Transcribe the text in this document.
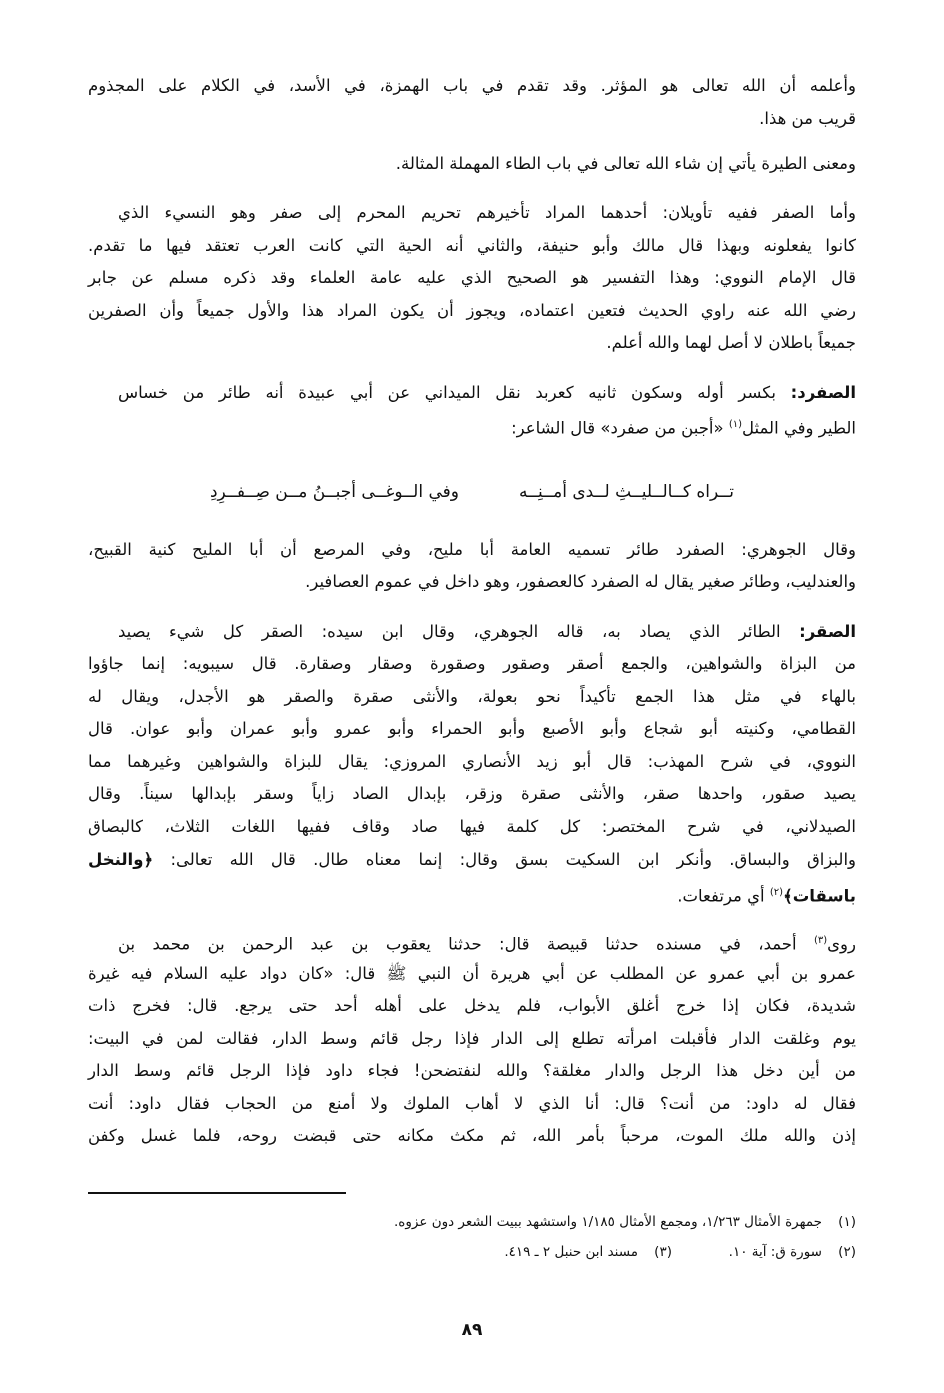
وأعلمه أن الله تعالى هو المؤثر. وقد تقدم في باب الهمزة، في الأسد، في الكلام على المجذوم
قريب من هذا.
ومعنى الطيرة يأتي إن شاء الله تعالى في باب الطاء المهملة المثالة.
وأما الصفر ففيه تأويلان: أحدهما المراد تأخيرهم تحريم المحرم إلى صفر وهو النسيء الذي
كانوا يفعلونه وبهذا قال مالك وأبو حنيفة، والثاني أنه الحية التي كانت العرب تعتقد فيها ما تقدم.
قال الإمام النووي: وهذا التفسير هو الصحيح الذي عليه عامة العلماء وقد ذكره مسلم عن جابر
رضي الله عنه راوي الحديث فتعين اعتماده، ويجوز أن يكون المراد هذا والأول جميعاً وأن الصفرين
جميعاً باطلان لا أصل لهما والله أعلم.
الصفرد: بكسر أوله وسكون ثانيه كعربد نقل الميداني عن أبي عبيدة أنه طائر من خساس
الطير وفي المثل$^{(١)}$ «أجبن من صفرد» قال الشاعر:
تــراه كــالــليــثِ لــدى أمــنِــه
وفي الــوغــى أجبــنُ مــن صِــفــرِدِ
وقال الجوهري: الصفرد طائر تسميه العامة أبا مليح، وفي المرصع أن أبا المليح كنية القبيح،
والعندليب، وطائر صغير يقال له الصفرد كالعصفور، وهو داخل في عموم العصافير.
الصقر: الطائر الذي يصاد به، قاله الجوهري، وقال ابن سيده: الصقر كل شيء يصيد
من البزاة والشواهين، والجمع أصقر وصقور وصقورة وصقار وصقارة. قال سيبويه: إنما جاؤوا
بالهاء في مثل هذا الجمع تأكيداً نحو بعولة، والأنثى صقرة والصقر هو الأجدل، ويقال له
القطامي، وكنيته أبو شجاع وأبو الأصبع وأبو الحمراء وأبو عمرو وأبو عمران وأبو عوان. قال
النووي، في شرح المهذب: قال أبو زيد الأنصاري المروزي: يقال للبزاة والشواهين وغيرهما مما
يصيد صقور، واحدها صقر، والأنثى صقرة وزقر، بإبدال الصاد زاياً وسقر بإبدالها سيناً. وقال
الصيدلاني، في شرح المختصر: كل كلمة فيها صاد وقاف ففيها اللغات الثلاث، كالبصاق
والبزاق والبساق. وأنكر ابن السكيت بسق وقال: إنما معناه طال. قال الله تعالى: ﴿والنخل
باسقات﴾$^{(٢)}$ أي مرتفعات.
روى$^{(٣)}$ أحمد، في مسنده حدثنا قبيصة قال: حدثنا يعقوب بن عبد الرحمن بن محمد بن
عمرو بن أبي عمرو عن المطلب عن أبي هريرة أن النبي ﷺ قال: «كان دواد عليه السلام فيه غيرة
شديدة، فكان إذا خرج أغلق الأبواب، فلم يدخل على أهله أحد حتى يرجع. قال: فخرج ذات
يوم وغلقت الدار فأقبلت امرأته تطلع إلى الدار فإذا رجل قائم وسط الدار، فقالت لمن في البيت:
من أين دخل هذا الرجل والدار مغلقة؟ والله لنفتضحن! فجاء داود فإذا الرجل قائم وسط الدار
فقال له داود: من أنت؟ قال: أنا الذي لا أهاب الملوك ولا أمنع من الحجاب فقال داود: أنت
إذن والله ملك الموت، مرحباً بأمر الله، ثم مكث مكانه حتى قبضت روحه، فلما غسل وكفن
(١)جمهرة الأمثال ١/٢٦٣، ومجمع الأمثال ١/١٨٥ واستشهد ببيت الشعر دون عزوه.
(٢)سورة ق: آية ١٠.(٣)مسند ابن حنبل ٢ ـ ٤١٩.
٨٩
